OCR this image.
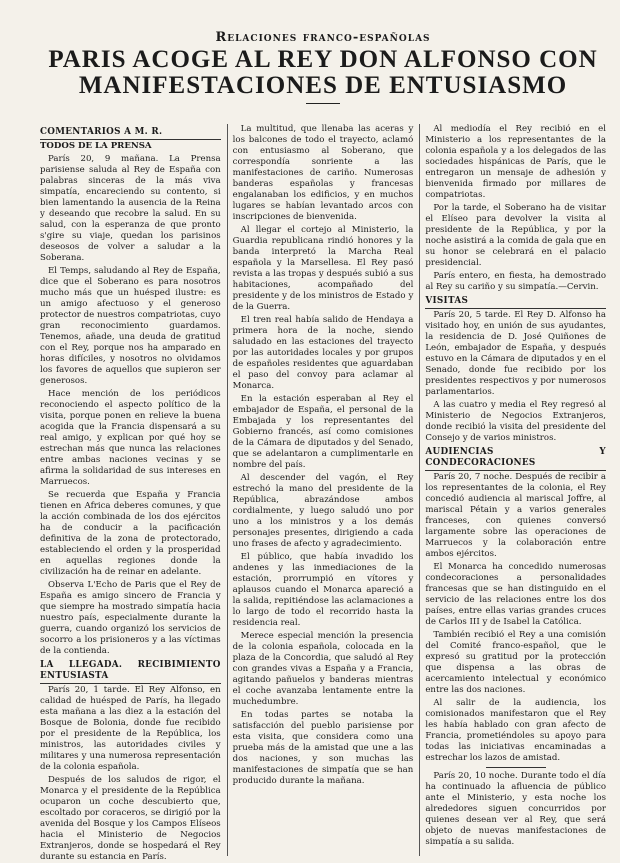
Relaciones franco-españolas
PARIS ACOGE AL REY DON ALFONSO CON
MANIFESTACIONES DE ENTUSIASMO
COMENTARIOS A M. R.
TODOS DE LA PRENSA

París 20, 9 mañana. La Prensa parisiense saluda al Rey de España con palabras sinceras de la más viva simpatía, encareciendo su contento, si bien lamentando la ausencia de la Reina y deseando que recobre la salud. En su salud, con la esperanza de que pronto s'gire su viaje, quedan los parisinos deseosos de volver a saludar a la Soberana.

El Temps, saludando al Rey de España, dice que el Soberano es para nosotros mucho más que un huésped ilustre: es un amigo afectuoso y el generoso protector de nuestros compatriotas, cuyo gran reconocimiento guardamos. Tenemos, añade, una deuda de gratitud con el Rey, porque nos ha amparado en horas difíciles, y nosotros no olvidamos los favores de aquellos que supieron ser generosos.

Hace mención de los periódicos reconociendo el aspecto político de la visita, porque ponen en relieve la buena acogida que la Francia dispensará a su real amigo, y explican por qué hoy se estrechan más que nunca las relaciones entre ambas naciones vecinas y se afirma la solidaridad de sus intereses en Marruecos.

Se recuerda que España y Francia tienen en Africa deberes comunes, y que la acción combinada de los dos ejércitos ha de conducir a la pacificación definitiva de la zona de protectorado, estableciendo el orden y la prosperidad en aquellas regiones donde la civilización ha de reinar en adelante.

Observa L'Echo de Paris que el Rey de España es amigo sincero de Francia y que siempre ha mostrado simpatía hacia nuestro país, especialmente durante la guerra, cuando organizó los servicios de socorro a los prisioneros y a las víctimas de la contienda.

LA LLEGADA. RECIBIMIENTO ENTUSIASTA

París 20, 1 tarde. El Rey Alfonso, en calidad de huésped de París, ha llegado esta mañana a las diez a la estación del Bosque de Bolonia, donde fue recibido por el presidente de la República, los ministros, las autoridades civiles y militares y una numerosa representación de la colonia española.

Después de los saludos de rigor, el Monarca y el presidente de la República ocuparon un coche descubierto que, escoltado por coraceros, se dirigió por la avenida del Bosque y los Campos Elíseos hacia el Ministerio de Negocios Extranjeros, donde se hospedará el Rey durante su estancia en París.

La multitud, que llenaba las aceras y los balcones de todo el trayecto, aclamó con entusiasmo al Soberano, que correspondía sonriente a las manifestaciones de cariño. Numerosas banderas españolas y francesas engalanaban los edificios, y en muchos lugares se habían levantado arcos con inscripciones de bienvenida.

Al llegar el cortejo al Ministerio, la Guardia republicana rindió honores y la banda interpretó la Marcha Real española y la Marsellesa. El Rey pasó revista a las tropas y después subió a sus habitaciones, acompañado del presidente y de los ministros de Estado y de la Guerra.

El tren real había salido de Hendaya a primera hora de la noche, siendo saludado en las estaciones del trayecto por las autoridades locales y por grupos de españoles residentes que aguardaban el paso del convoy para aclamar al Monarca.

En la estación esperaban al Rey el embajador de España, el personal de la Embajada y los representantes del Gobierno francés, así como comisiones de la Cámara de diputados y del Senado, que se adelantaron a cumplimentarle en nombre del país.

Al descender del vagón, el Rey estrechó la mano del presidente de la República, abrazándose ambos cordialmente, y luego saludó uno por uno a los ministros y a los demás personajes presentes, dirigiendo a cada uno frases de afecto y agradecimiento.

El público, que había invadido los andenes y las inmediaciones de la estación, prorrumpió en vítores y aplausos cuando el Monarca apareció a la salida, repitiéndose las aclamaciones a lo largo de todo el recorrido hasta la residencia real.

Merece especial mención la presencia de la colonia española, colocada en la plaza de la Concordia, que saludó al Rey con grandes vivas a España y a Francia, agitando pañuelos y banderas mientras el coche avanzaba lentamente entre la muchedumbre.

En todas partes se notaba la satisfacción del pueblo parisiense por esta visita, que considera como una prueba más de la amistad que une a las dos naciones, y son muchas las manifestaciones de simpatía que se han producido durante la mañana.

Al mediodía el Rey recibió en el Ministerio a los representantes de la colonia española y a los delegados de las sociedades hispánicas de París, que le entregaron un mensaje de adhesión y bienvenida firmado por millares de compatriotas.

Por la tarde, el Soberano ha de visitar el Elíseo para devolver la visita al presidente de la República, y por la noche asistirá a la comida de gala que en su honor se celebrará en el palacio presidencial.

París entero, en fiesta, ha demostrado al Rey su cariño y su simpatía.—Cervin.

VISITAS

París 20, 5 tarde. El Rey D. Alfonso ha visitado hoy, en unión de sus ayudantes, la residencia de D. José Quiñones de León, embajador de España, y después estuvo en la Cámara de diputados y en el Senado, donde fue recibido por los presidentes respectivos y por numerosos parlamentarios.

A las cuatro y media el Rey regresó al Ministerio de Negocios Extranjeros, donde recibió la visita del presidente del Consejo y de varios ministros.

AUDIENCIAS Y CONDECORACIONES

París 20, 7 noche. Después de recibir a los representantes de la colonia, el Rey concedió audiencia al mariscal Joffre, al mariscal Pétain y a varios generales franceses, con quienes conversó largamente sobre las operaciones de Marruecos y la colaboración entre ambos ejércitos.

El Monarca ha concedido numerosas condecoraciones a personalidades francesas que se han distinguido en el servicio de las relaciones entre los dos países, entre ellas varias grandes cruces de Carlos III y de Isabel la Católica.

También recibió el Rey a una comisión del Comité franco-español, que le expresó su gratitud por la protección que dispensa a las obras de acercamiento intelectual y económico entre las dos naciones.

Al salir de la audiencia, los comisionados manifestaron que el Rey les había hablado con gran afecto de Francia, prometiéndoles su apoyo para todas las iniciativas encaminadas a estrechar los lazos de amistad.

París 20, 10 noche. Durante todo el día ha continuado la afluencia de público ante el Ministerio, y esta noche los alrededores siguen concurridos por quienes desean ver al Rey, que será objeto de nuevas manifestaciones de simpatía a su salida.
